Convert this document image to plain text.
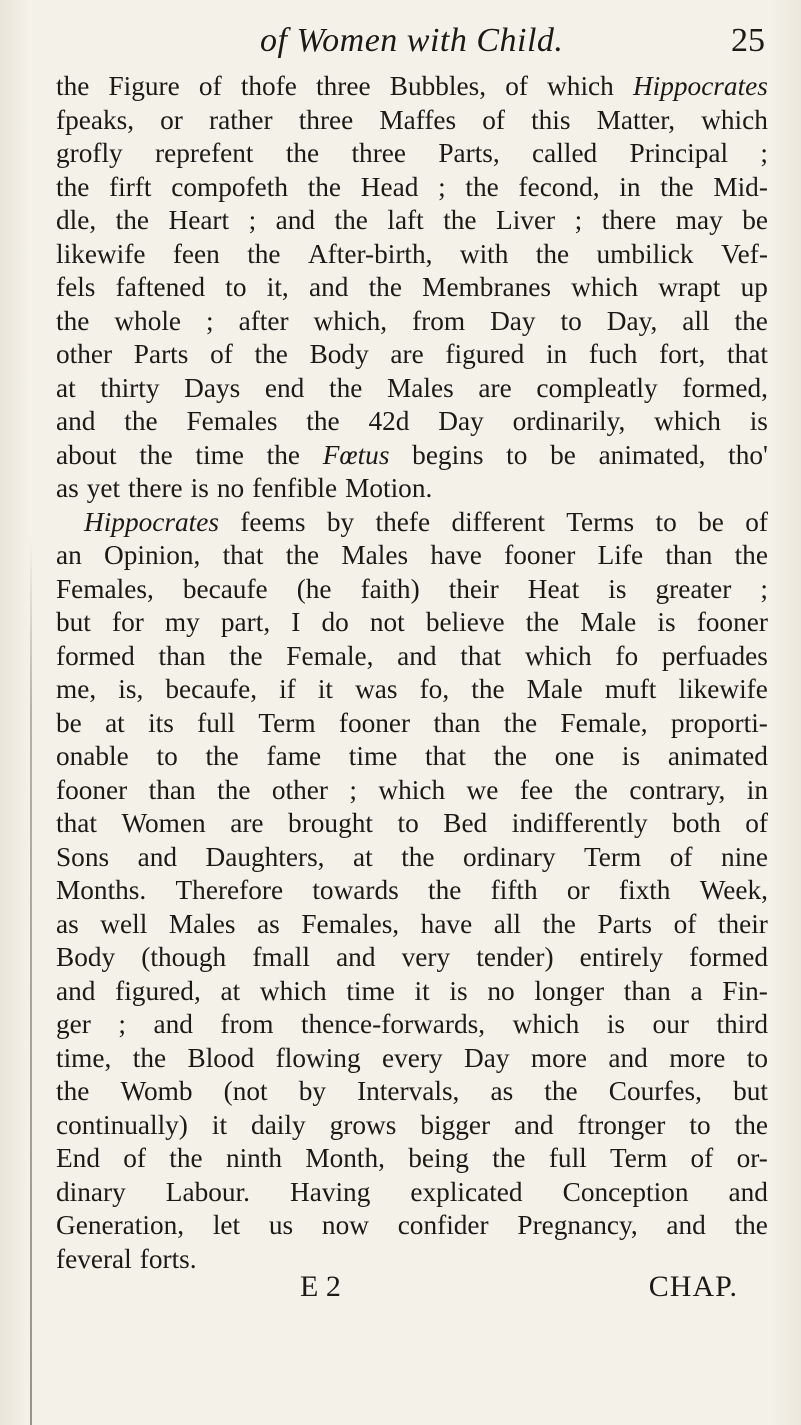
of Women with Child.	25
the Figure of thofe three Bubbles, of which Hippocrates
fpeaks, or rather three Maffes of this Matter, which
grofly reprefent the three Parts, called Principal ;
the firft compofeth the Head ; the fecond, in the Mid-
dle, the Heart ; and the laft the Liver ; there may be
likewife feen the After-birth, with the umbilick Vef-
fels faftened to it, and the Membranes which wrapt up
the whole ; after which, from Day to Day, all the
other Parts of the Body are figured in fuch fort, that
at thirty Days end the Males are compleatly formed,
and the Females the 42d Day ordinarily, which is
about the time the Fœtus begins to be animated, tho'
as yet there is no fenfible Motion.
Hippocrates feems by thefe different Terms to be of
an Opinion, that the Males have fooner Life than the
Females, becaufe (he faith) their Heat is greater ;
but for my part, I do not believe the Male is fooner
formed than the Female, and that which fo perfuades
me, is, becaufe, if it was fo, the Male muft likewife
be at its full Term fooner than the Female, proporti-
onable to the fame time that the one is animated
fooner than the other ; which we fee the contrary, in
that Women are brought to Bed indifferently both of
Sons and Daughters, at the ordinary Term of nine
Months. Therefore towards the fifth or fixth Week,
as well Males as Females, have all the Parts of their
Body (though fmall and very tender) entirely formed
and figured, at which time it is no longer than a Fin-
ger ; and from thence-forwards, which is our third
time, the Blood flowing every Day more and more to
the Womb (not by Intervals, as the Courfes, but
continually) it daily grows bigger and ftronger to the
End of the ninth Month, being the full Term of or-
dinary Labour. Having explicated Conception and
Generation, let us now confider Pregnancy, and the
feveral forts.
E 2	CHAP.
